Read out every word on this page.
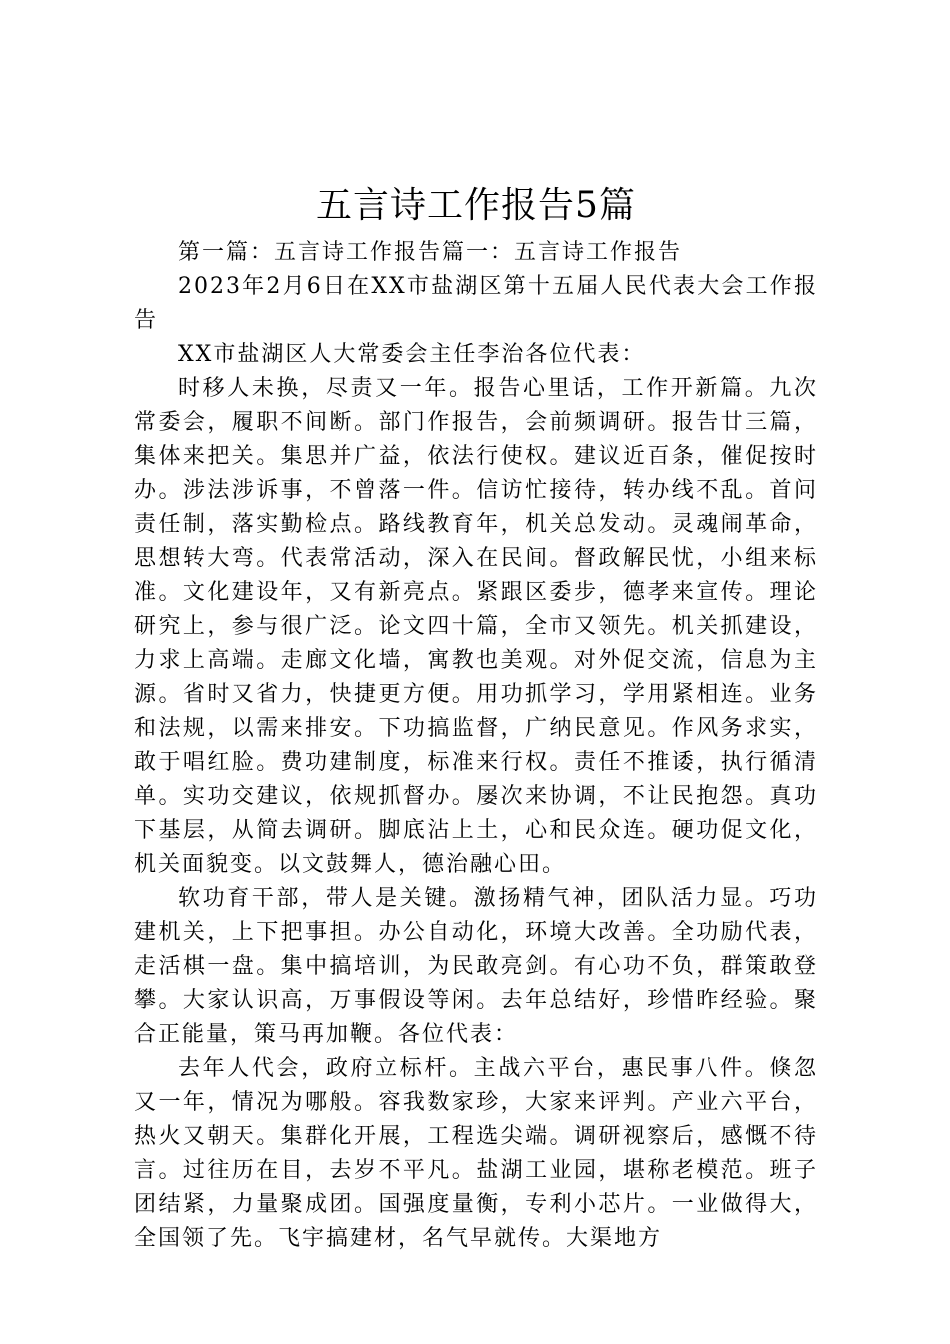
五言诗工作报告5篇

第一篇：五言诗工作报告篇一：五言诗工作报告

2023年2月6日在XX市盐湖区第十五届人民代表大会工作报告

XX市盐湖区人大常委会主任李治各位代表：

时移人未换，尽责又一年。报告心里话，工作开新篇。九次常委会，履职不间断。部门作报告，会前频调研。报告廿三篇，集体来把关。集思并广益，依法行使权。建议近百条，催促按时办。涉法涉诉事，不曾落一件。信访忙接待，转办线不乱。首问责任制，落实勤检点。路线教育年，机关总发动。灵魂闹革命，思想转大弯。代表常活动，深入在民间。督政解民忧，小组来标准。文化建设年，又有新亮点。紧跟区委步，德孝来宣传。理论研究上，参与很广泛。论文四十篇，全市又领先。机关抓建设，力求上高端。走廊文化墙，寓教也美观。对外促交流，信息为主源。省时又省力，快捷更方便。用功抓学习，学用紧相连。业务和法规，以需来排安。下功搞监督，广纳民意见。作风务求实，敢于唱红脸。费功建制度，标准来行权。责任不推诿，执行循清单。实功交建议，依规抓督办。屡次来协调，不让民抱怨。真功下基层，从简去调研。脚底沾上土，心和民众连。硬功促文化，机关面貌变。以文鼓舞人，德治融心田。

软功育干部，带人是关键。激扬精气神，团队活力显。巧功建机关，上下把事担。办公自动化，环境大改善。全功励代表，走活棋一盘。集中搞培训，为民敢亮剑。有心功不负，群策敢登攀。大家认识高，万事假设等闲。去年总结好，珍惜昨经验。聚合正能量，策马再加鞭。各位代表：

去年人代会，政府立标杆。主战六平台，惠民事八件。倏忽又一年，情况为哪般。容我数家珍，大家来评判。产业六平台，热火又朝天。集群化开展，工程选尖端。调研视察后，感慨不待言。过往历在目，去岁不平凡。盐湖工业园，堪称老模范。班子团结紧，力量聚成团。国强度量衡，专利小芯片。一业做得大，全国领了先。飞宇搞建材，名气早就传。大渠地方
